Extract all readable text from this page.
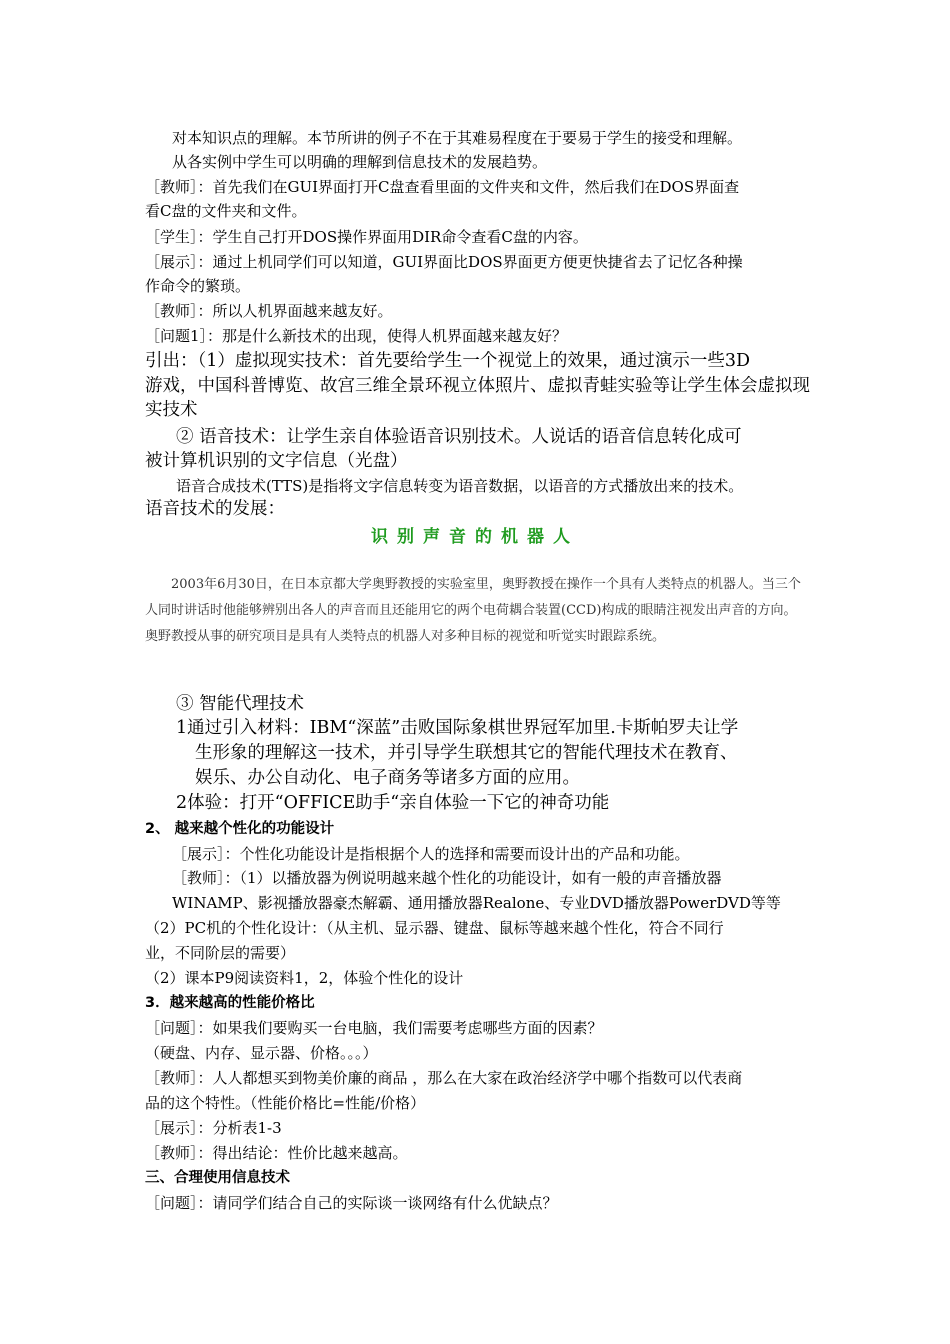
对本知识点的理解。本节所讲的例子不在于其难易程度在于要易于学生的接受和理解。
从各实例中学生可以明确的理解到信息技术的发展趋势。
［教师］：首先我们在GUI界面打开C盘查看里面的文件夹和文件，然后我们在DOS界面查
看C盘的文件夹和文件。
［学生］：学生自己打开DOS操作界面用DIR命令查看C盘的内容。
［展示］：通过上机同学们可以知道，GUI界面比DOS界面更方便更快捷省去了记忆各种操
作命令的繁琐。
［教师］：所以人机界面越来越友好。
［问题1］：那是什么新技术的出现，使得人机界面越来越友好？
引出：（1）虚拟现实技术：首先要给学生一个视觉上的效果，通过演示一些3D
游戏，中国科普博览、故宫三维全景环视立体照片、虚拟青蛙实验等让学生体会虚拟现
实技术
② 语音技术：让学生亲自体验语音识别技术。人说话的语音信息转化成可
被计算机识别的文字信息（光盘）
语音合成技术(TTS)是指将文字信息转变为语音数据，以语音的方式播放出来的技术。
语音技术的发展：
识别声音的机器人
2003年6月30日，在日本京都大学奥野教授的实验室里，奥野教授在操作一个具有人类特点的机器人。当三个人同时讲话时他能够辨别出各人的声音而且还能用它的两个电荷耦合装置(CCD)构成的眼睛注视发出声音的方向。奥野教授从事的研究项目是具有人类特点的机器人对多种目标的视觉和听觉实时跟踪系统。
③ 智能代理技术
1通过引入材料：IBM“深蓝”击败国际象棋世界冠军加里.卡斯帕罗夫让学
生形象的理解这一技术，并引导学生联想其它的智能代理技术在教育、
娱乐、办公自动化、电子商务等诸多方面的应用。
2体验：打开“OFFICE助手“亲自体验一下它的神奇功能
2、 越来越个性化的功能设计
［展示］：个性化功能设计是指根据个人的选择和需要而设计出的产品和功能。
［教师］：（1）以播放器为例说明越来越个性化的功能设计，如有一般的声音播放器
WINAMP、影视播放器豪杰解霸、通用播放器Realone、专业DVD播放器PowerDVD等等
（2）PC机的个性化设计：（从主机、显示器、键盘、鼠标等越来越个性化，符合不同行
业，不同阶层的需要）
（2）课本P9阅读资料1，2，体验个性化的设计
3．越来越高的性能价格比
［问题］：如果我们要购买一台电脑，我们需要考虑哪些方面的因素？
（硬盘、内存、显示器、价格。。。）
［教师］：人人都想买到物美价廉的商品 ，那么在大家在政治经济学中哪个指数可以代表商
品的这个特性。（性能价格比=性能/价格）
［展示］：分析表1-3
［教师］：得出结论：性价比越来越高。
三、合理使用信息技术
［问题］：请同学们结合自己的实际谈一谈网络有什么优缺点？
